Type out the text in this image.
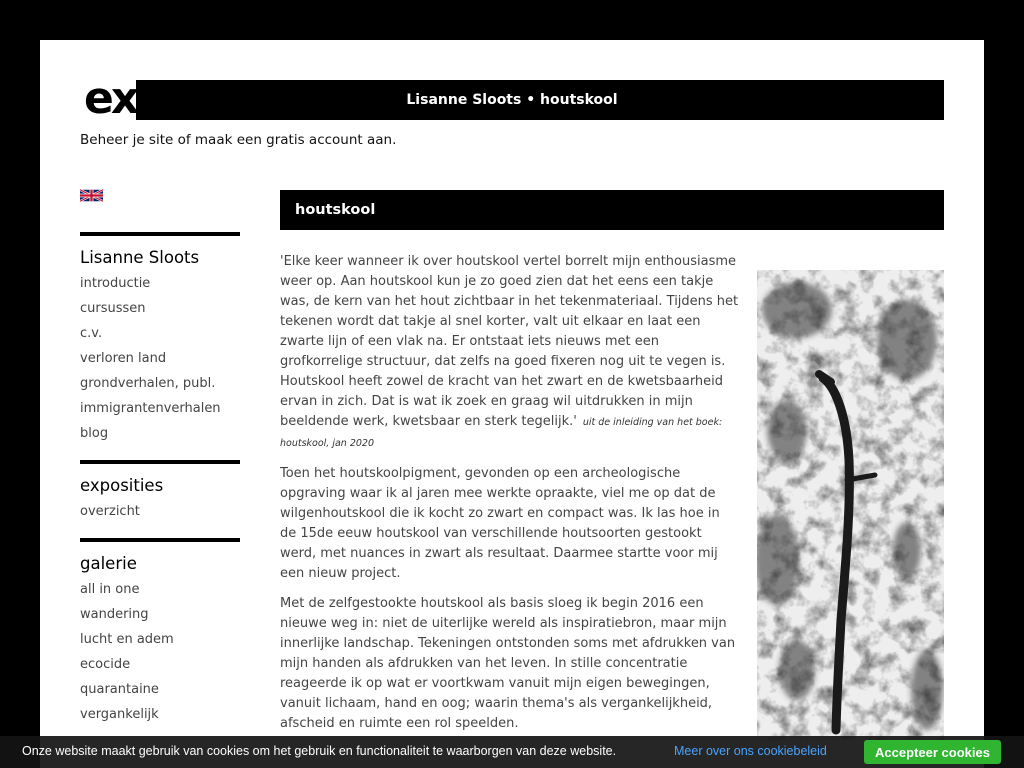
exto	Lisanne Sloots • houtskool
Beheer je site of maak een gratis account aan.
Lisanne Sloots
introductie
cursussen
c.v.
verloren land
grondverhalen, publ.
immigrantenverhalen
blog
exposities
overzicht
galerie
all in one
wandering
lucht en adem
ecocide
quarantaine
vergankelijk
houtskool

'Elke keer wanneer ik over houtskool vertel borrelt mijn enthousiasme weer op. Aan houtskool kun je zo goed zien dat het eens een takje was, de kern van het hout zichtbaar in het tekenmateriaal. Tijdens het tekenen wordt dat takje al snel korter, valt uit elkaar en laat een zwarte lijn of een vlak na. Er ontstaat iets nieuws met een grofkorrelige structuur, dat zelfs na goed fixeren nog uit te vegen is. Houtskool heeft zowel de kracht van het zwart en de kwetsbaarheid ervan in zich. Dat is wat ik zoek en graag wil uitdrukken in mijn beeldende werk, kwetsbaar en sterk tegelijk.' uit de inleiding van het boek: houtskool, jan 2020

Toen het houtskoolpigment, gevonden op een archeologische opgraving waar ik al jaren mee werkte opraakte, viel me op dat de wilgenhoutskool die ik kocht zo zwart en compact was. Ik las hoe in de 15de eeuw houtskool van verschillende houtsoorten gestookt werd, met nuances in zwart als resultaat. Daarmee startte voor mij een nieuw project.

Met de zelfgestookte houtskool als basis sloeg ik begin 2016 een nieuwe weg in: niet de uiterlijke wereld als inspiratiebron, maar mijn innerlijke landschap. Tekeningen ontstonden soms met afdrukken van mijn handen als afdrukken van het leven. In stille concentratie reageerde ik op wat er voortkwam vanuit mijn eigen bewegingen, vanuit lichaam, hand en oog; waarin thema's als vergankelijkheid, afscheid en ruimte een rol speelden.

Onze website maakt gebruik van cookies om het gebruik en functionaliteit te waarborgen van deze website.	Meer over ons cookiebeleid	Accepteer cookies
